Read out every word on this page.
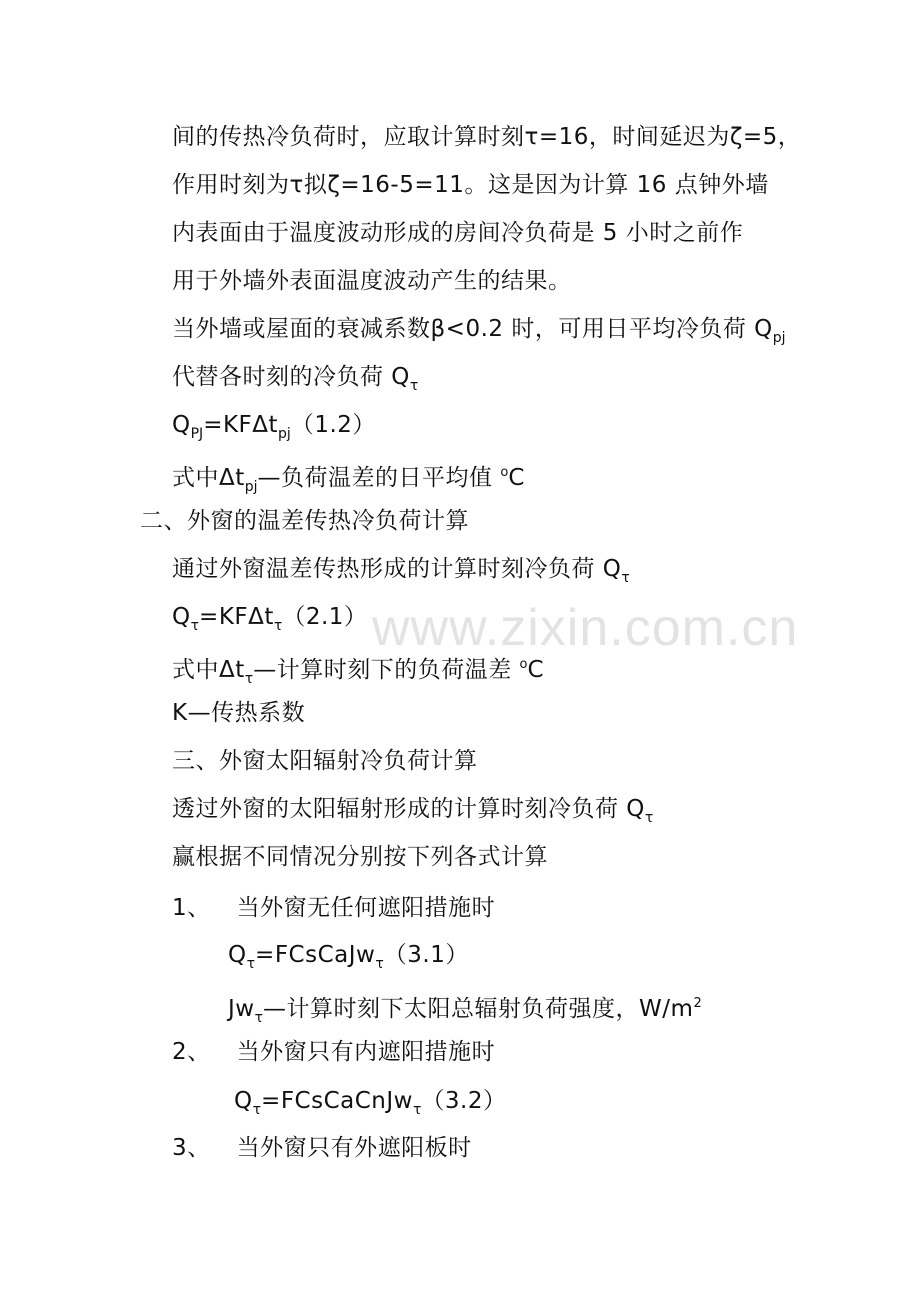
www.zixin.com.cn
间的传热冷负荷时，应取计算时刻τ=16，时间延迟为ζ=5，
作用时刻为τ拟ζ=16-5=11。这是因为计算 16 点钟外墙
内表面由于温度波动形成的房间冷负荷是 5 小时之前作
用于外墙外表面温度波动产生的结果。
当外墙或屋面的衰减系数β<0.2 时，可用日平均冷负荷 $Q_{pj}$
代替各时刻的冷负荷 $Q_\tau$
$Q_{PJ}=KF\Delta t_{pj}(1.2)$
式中$\Delta t_{pj}—$负荷温差的日平均值 $^o$C
二、外窗的温差传热冷负荷计算
通过外窗温差传热形成的计算时刻冷负荷 $Q_\tau$
$Q_\tau=KF\Delta t_\tau(2.1)$
式中$\Delta t_\tau—$计算时刻下的负荷温差 $^o$C
K—传热系数
三、外窗太阳辐射冷负荷计算
透过外窗的太阳辐射形成的计算时刻冷负荷 $Q_\tau$
赢根据不同情况分别按下列各式计算
1、 当外窗无任何遮阳措施时
$Q_\tau=FCsCaJw_\tau(3.1)$
$Jw_\tau—$计算时刻下太阳总辐射负荷强度，$W/m^2$
2、 当外窗只有内遮阳措施时
$Q_\tau=FCsCaCnJw_\tau(3.2)$
3、 当外窗只有外遮阳板时
